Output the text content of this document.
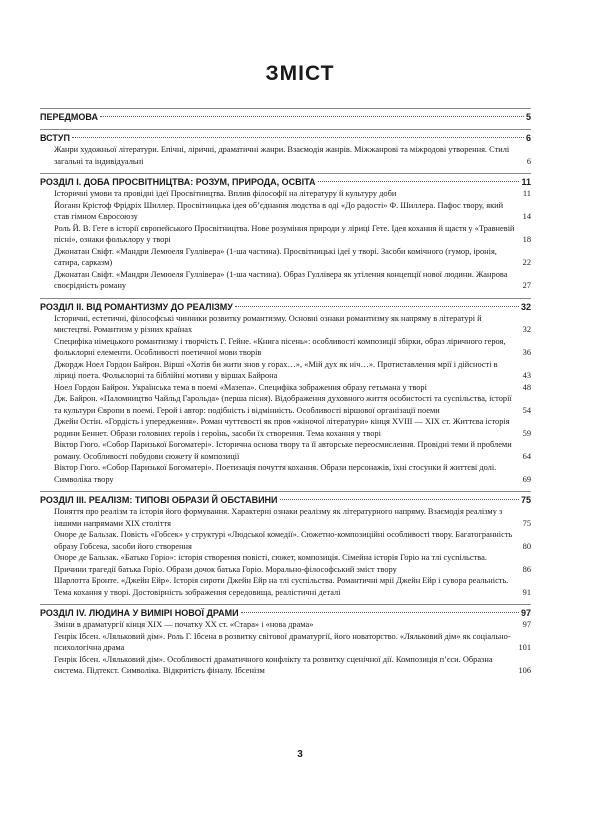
ЗМІСТ
ПЕРЕДМОВА	5
ВСТУП	6
Жанри художньої літератури. Епічні, ліричні, драматичні жанри. Взаємодія жанрів. Міжжанрові та міжродові утворення. Стилі загальні та індивідуальні	6
РОЗДІЛ І. ДОБА ПРОСВІТНИЦТВА: РОЗУМ, ПРИРОДА, ОСВІТА	11
Історичні умови та провідні ідеї Просвітництва. Вплив філософії на літературу й культуру доби	11
Йоганн Крістоф Фрідріх Шиллер. Просвітницька ідея об’єднання людства в оді «До радості» Ф. Шиллера. Пафос твору, який став гімном Євросоюзу	14
Роль Й. В. Гете в історії європейського Просвітництва. Нове розуміння природи у ліриці Гете. Ідея кохання й щастя у «Травневій пісні», ознаки фольклору у творі	18
Джонатан Свіфт. «Мандри Лемюеля Гуллівера» (1-ша частина). Просвітницькі ідеї у творі. Засоби комічного (гумор, іронія, сатира, сарказм)	22
Джонатан Свіфт. «Мандри Лемюеля Гуллівера» (1-ша частина). Образ Гуллівера як утілення концепції нової людини. Жанрова своєрідність роману	27
РОЗДІЛ ІІ. ВІД РОМАНТИЗМУ ДО РЕАЛІЗМУ	32
Історичні, естетичні, філософські чинники розвитку романтизму. Основні ознаки романтизму як напряму в літературі й мистецтві. Романтизм у різних країнах	32
Специфіка німецького романтизму і творчість Г. Гейне. «Книга пісень»: особливості композиції збірки, образ ліричного героя, фольклорні елементи. Особливості поетичної мови творів	36
Джордж Ноел Гордон Байрон. Вірші «Хотів би жити знов у горах…», «Мій дух як ніч…». Протиставлення мрії і дійсності в ліриці поета. Фольклорні та біблійні мотиви у віршах Байрона	43
Ноел Гордон Байрон. Українська тема в поемі «Мазепа». Специфіка зображення образу гетьмана у творі	48
Дж. Байрон. «Паломництво Чайльд Гарольда» (перша пісня). Відображення духовного життя особистості та суспільства, історії та культури Європи в поемі. Герой і автор: подібність і відмінність. Особливості віршової організації поеми	54
Джейн Остін. «Гордість і упередження». Роман чуттєвості як пров «жіночої літератури» кінця XVIII — XIX ст. Життєва історія родини Беннет. Образи головних героїв і героїнь, засоби їх створення. Тема кохання у творі	59
Віктор Гюго. «Собор Паризької Богоматері». Історична основа твору та її авторське переосмислення. Провідні теми й проблеми роману. Особливості побудови сюжету й композиції	64
Віктор Гюго. «Собор Паризької Богоматері». Поетизація почуття кохання. Образи персонажів, їхні стосунки й життєві долі. Символіка твору	69
РОЗДІЛ ІІІ. РЕАЛІЗМ: ТИПОВІ ОБРАЗИ Й ОБСТАВИНИ	75
Поняття про реалізм та історія його формування. Характерні ознаки реалізму як літературного напряму. Взаємодія реалізму з іншими напрямами XIX століття	75
Оноре де Бальзак. Повість «Гобсек» у структурі «Людської комедії». Сюжетно-композиційні особливості твору. Багатогранність образу Гобсека, засоби його створення	80
Оноре де Бальзак. «Батько Горіо»: історія створення повісті, сюжет, композиція. Сімейна історія Горіо на тлі суспільства. Причини трагедії батька Горіо. Образи дочок батька Горіо. Морально-філософський зміст твору	86
Шарлотта Бронте. «Джейн Ейр». Історія сироти Джейн Ейр на тлі суспільства. Романтичні мрії Джейн Ейр і сувора реальність. Тема кохання у творі. Достовірність зображення середовища, реалістичні деталі	91
РОЗДІЛ IV. ЛЮДИНА У ВИМІРІ НОВОЇ ДРАМИ	97
Зміни в драматургії кінця XIX — початку XX ст. «Стара» і «нова драма»	97
Генрік Ібсен. «Ляльковий дім». Роль Г. Ібсена в розвитку світової драматургії, його новаторство. «Ляльковий дім» як соціально-психологічна драма	101
Генрік Ібсен. «Ляльковий дім». Особливості драматичного конфлікту та розвитку сценічної дії. Композиція п’єси. Образна система. Підтекст. Символіка. Відкритість фіналу. Ібсенізм	106
3
